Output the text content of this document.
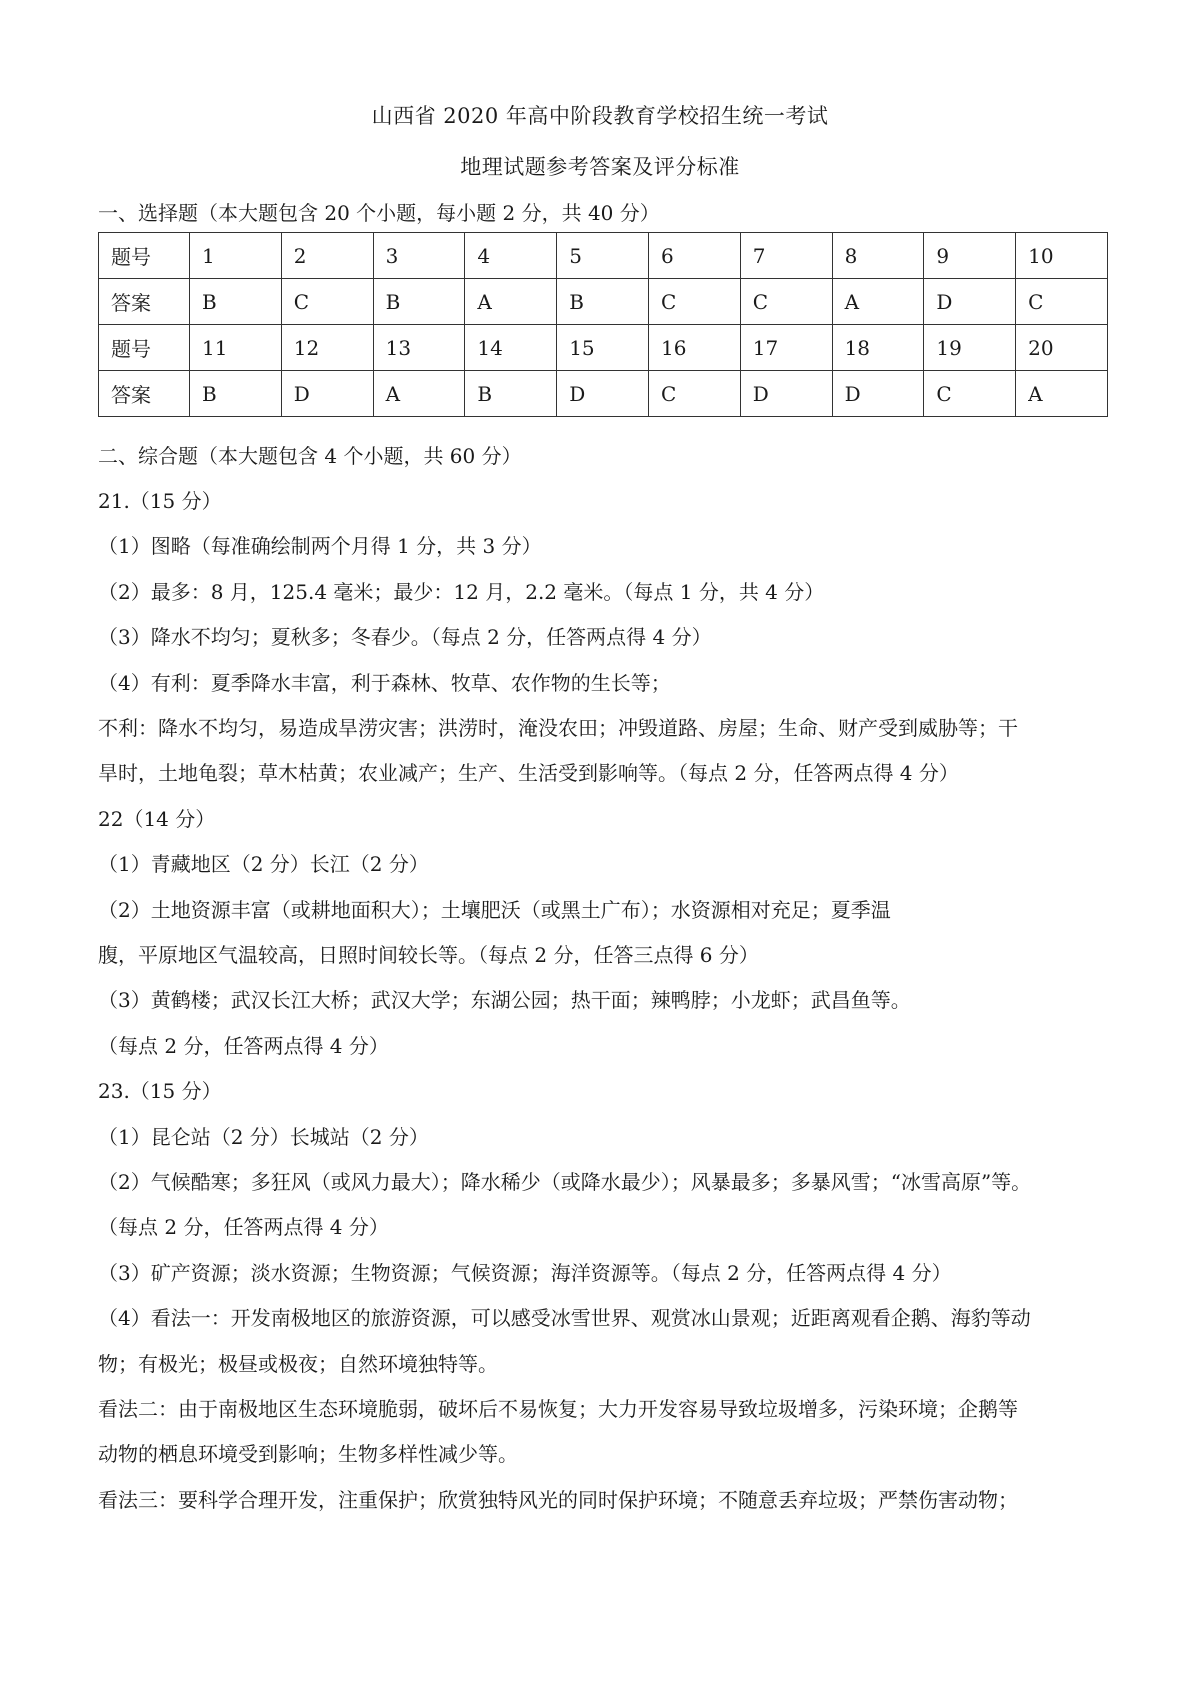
山西省 2020 年高中阶段教育学校招生统一考试
地理试题参考答案及评分标准
一、选择题（本大题包含 20 个小题，每小题 2 分，共 40 分）
题号	1	2	3	4	5	6	7	8	9	10
答案	B	C	B	A	B	C	C	A	D	C
题号	11	12	13	14	15	16	17	18	19	20
答案	B	D	A	B	D	C	D	D	C	A
二、综合题（本大题包含 4 个小题，共 60 分）
21.（15 分）
（1）图略（每准确绘制两个月得 1 分，共 3 分）
（2）最多：8 月，125.4 毫米；最少：12 月，2.2 毫米。（每点 1 分，共 4 分）
（3）降水不均匀；夏秋多；冬春少。（每点 2 分，任答两点得 4 分）
（4）有利：夏季降水丰富，利于森林、牧草、农作物的生长等；
不利：降水不均匀，易造成旱涝灾害；洪涝时，淹没农田；冲毁道路、房屋；生命、财产受到威胁等；干
旱时，土地龟裂；草木枯黄；农业减产；生产、生活受到影响等。（每点 2 分，任答两点得 4 分）
22（14 分）
（1）青藏地区（2 分）长江（2 分）
（2）土地资源丰富（或耕地面积大）；土壤肥沃（或黑土广布）；水资源相对充足；夏季温
腹，平原地区气温较高，日照时间较长等。（每点 2 分，任答三点得 6 分）
（3）黄鹤楼；武汉长江大桥；武汉大学；东湖公园；热干面；辣鸭脖；小龙虾；武昌鱼等。
（每点 2 分，任答两点得 4 分）
23.（15 分）
（1）昆仑站（2 分）长城站（2 分）
（2）气候酷寒；多狂风（或风力最大）；降水稀少（或降水最少）；风暴最多；多暴风雪；“冰雪高原”等。
（每点 2 分，任答两点得 4 分）
（3）矿产资源；淡水资源；生物资源；气候资源；海洋资源等。（每点 2 分，任答两点得 4 分）
（4）看法一：开发南极地区的旅游资源，可以感受冰雪世界、观赏冰山景观；近距离观看企鹅、海豹等动
物；有极光；极昼或极夜；自然环境独特等。
看法二：由于南极地区生态环境脆弱，破坏后不易恢复；大力开发容易导致垃圾增多，污染环境；企鹅等
动物的栖息环境受到影响；生物多样性减少等。
看法三：要科学合理开发，注重保护；欣赏独特风光的同时保护环境；不随意丢弃垃圾；严禁伤害动物；
